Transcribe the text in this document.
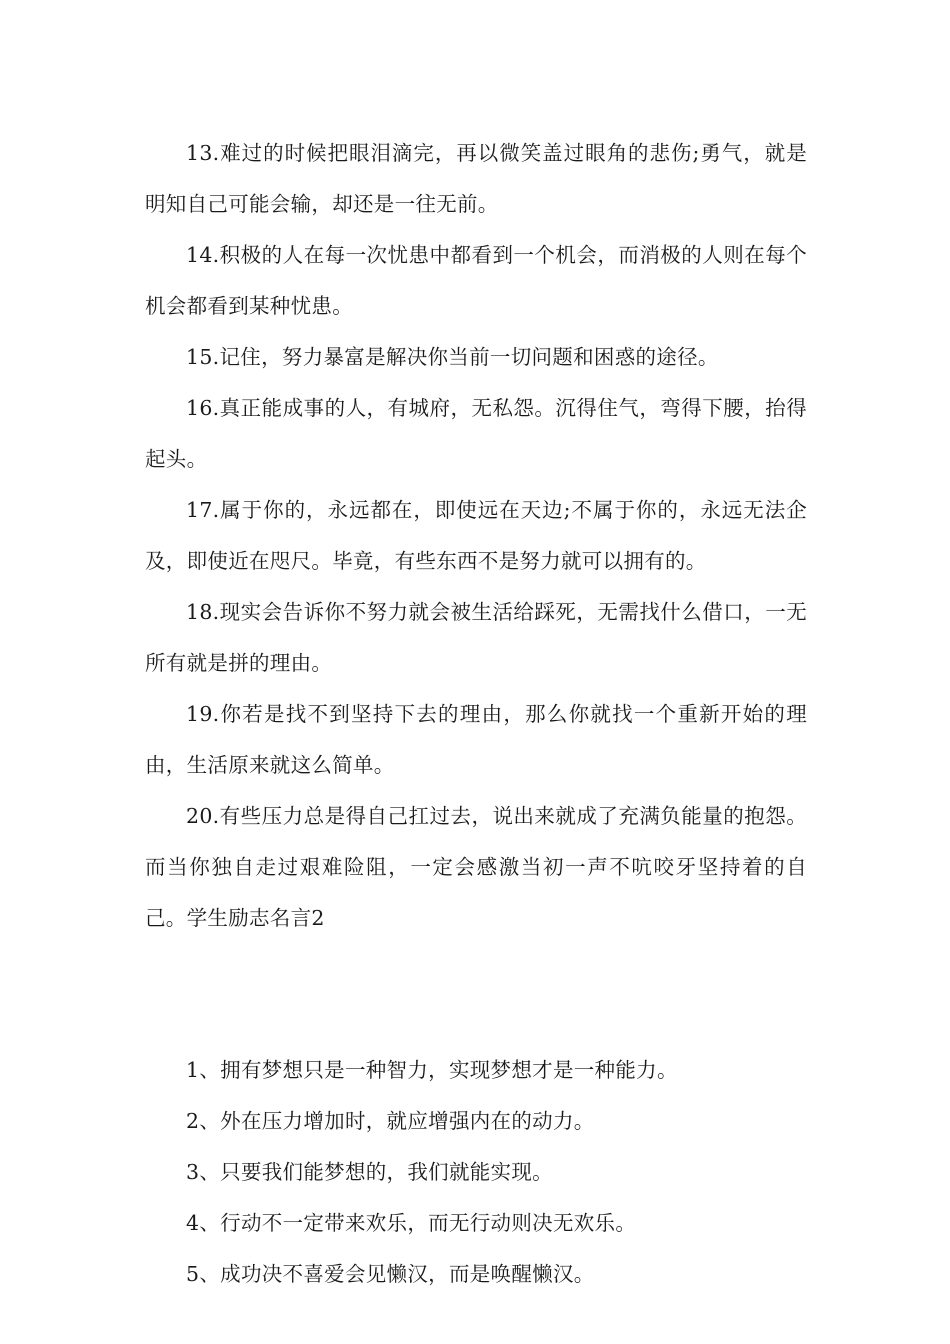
13.难过的时候把眼泪滴完，再以微笑盖过眼角的悲伤;勇气，就是明知自己可能会输，却还是一往无前。

14.积极的人在每一次忧患中都看到一个机会，而消极的人则在每个机会都看到某种忧患。

15.记住，努力暴富是解决你当前一切问题和困惑的途径。

16.真正能成事的人，有城府，无私怨。沉得住气，弯得下腰，抬得起头。

17.属于你的，永远都在，即使远在天边;不属于你的，永远无法企及，即使近在咫尺。毕竟，有些东西不是努力就可以拥有的。

18.现实会告诉你不努力就会被生活给踩死，无需找什么借口，一无所有就是拼的理由。

19.你若是找不到坚持下去的理由，那么你就找一个重新开始的理由，生活原来就这么简单。

20.有些压力总是得自己扛过去，说出来就成了充满负能量的抱怨。而当你独自走过艰难险阻，一定会感激当初一声不吭咬牙坚持着的自己。学生励志名言2

1、拥有梦想只是一种智力，实现梦想才是一种能力。

2、外在压力增加时，就应增强内在的动力。

3、只要我们能梦想的，我们就能实现。

4、行动不一定带来欢乐，而无行动则决无欢乐。

5、成功决不喜爱会见懒汉，而是唤醒懒汉。
